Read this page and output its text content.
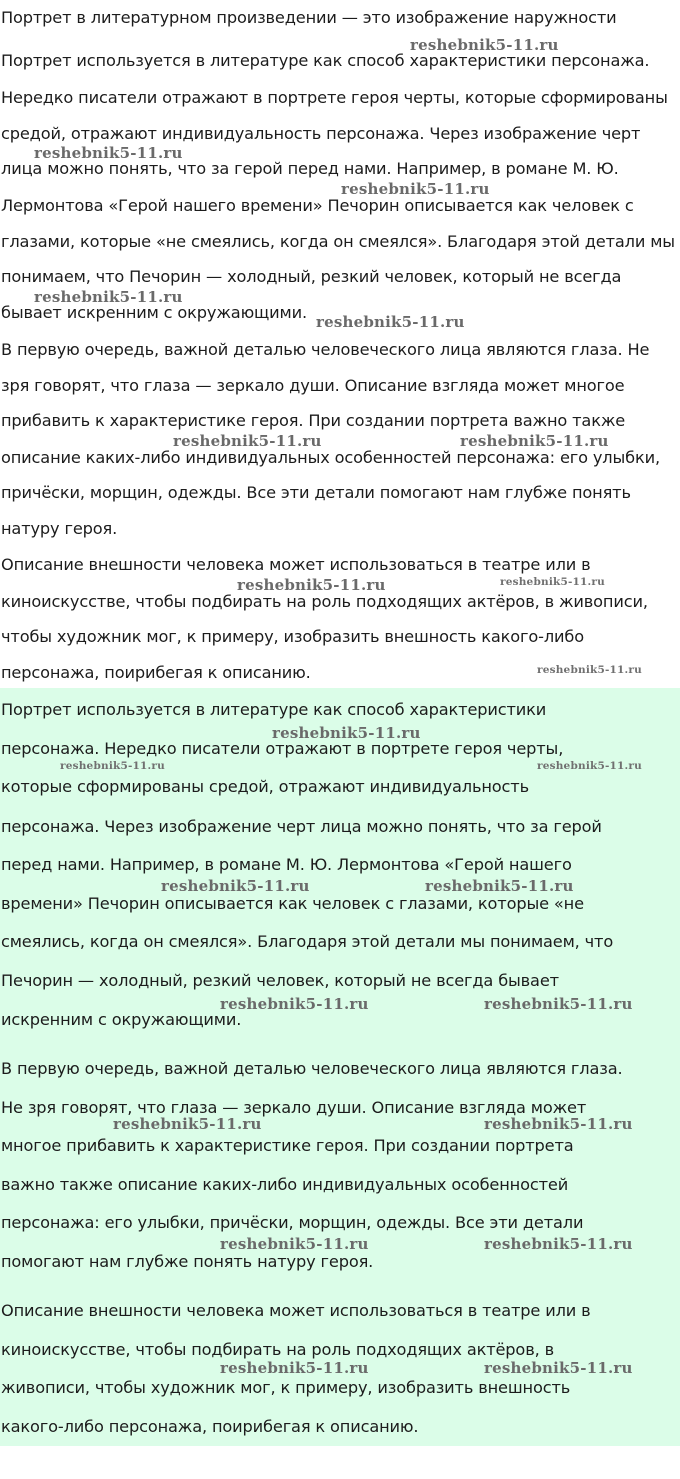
Портрет в литературном произведении — это изображение наружности
Портрет используется в литературе как способ характеристики персонажа.
Нередко писатели отражают в портрете героя черты, которые сформированы
средой, отражают индивидуальность персонажа. Через изображение черт
лица можно понять, что за герой перед нами. Например, в романе М. Ю.
Лермонтова «Герой нашего времени» Печорин описывается как человек с
глазами, которые «не смеялись, когда он смеялся». Благодаря этой детали мы
понимаем, что Печорин — холодный, резкий человек, который не всегда
бывает искренним с окружающими.
В первую очередь, важной деталью человеческого лица являются глаза. Не
зря говорят, что глаза — зеркало души. Описание взгляда может многое
прибавить к характеристике героя. При создании портрета важно также
описание каких-либо индивидуальных особенностей персонажа: его улыбки,
причёски, морщин, одежды. Все эти детали помогают нам глубже понять
натуру героя.
Описание внешности человека может использоваться в театре или в
киноискусстве, чтобы подбирать на роль подходящих актёров, в живописи,
чтобы художник мог, к примеру, изобразить внешность какого-либо
персонажа, поирибегая к описанию.
reshebnik5-11.ru
reshebnik5-11.ru
reshebnik5-11.ru
reshebnik5-11.ru
reshebnik5-11.ru
reshebnik5-11.ru	reshebnik5-11.ru
reshebnik5-11.ru	reshebnik5-11.ru
reshebnik5-11.ru
Портрет используется в литературе как способ характеристики
персонажа. Нередко писатели отражают в портрете героя черты,
которые сформированы средой, отражают индивидуальность
персонажа. Через изображение черт лица можно понять, что за герой
перед нами. Например, в романе М. Ю. Лермонтова «Герой нашего
времени» Печорин описывается как человек с глазами, которые «не
смеялись, когда он смеялся». Благодаря этой детали мы понимаем, что
Печорин — холодный, резкий человек, который не всегда бывает
искренним с окружающими.
В первую очередь, важной деталью человеческого лица являются глаза.
Не зря говорят, что глаза — зеркало души. Описание взгляда может
многое прибавить к характеристике героя. При создании портрета
важно также описание каких-либо индивидуальных особенностей
персонажа: его улыбки, причёски, морщин, одежды. Все эти детали
помогают нам глубже понять натуру героя.
Описание внешности человека может использоваться в театре или в
киноискусстве, чтобы подбирать на роль подходящих актёров, в
живописи, чтобы художник мог, к примеру, изобразить внешность
какого-либо персонажа, поирибегая к описанию.
reshebnik5-11.ru
reshebnik5-11.ru	reshebnik5-11.ru
reshebnik5-11.ru	reshebnik5-11.ru
reshebnik5-11.ru	reshebnik5-11.ru
reshebnik5-11.ru	reshebnik5-11.ru
reshebnik5-11.ru	reshebnik5-11.ru
reshebnik5-11.ru	reshebnik5-11.ru
